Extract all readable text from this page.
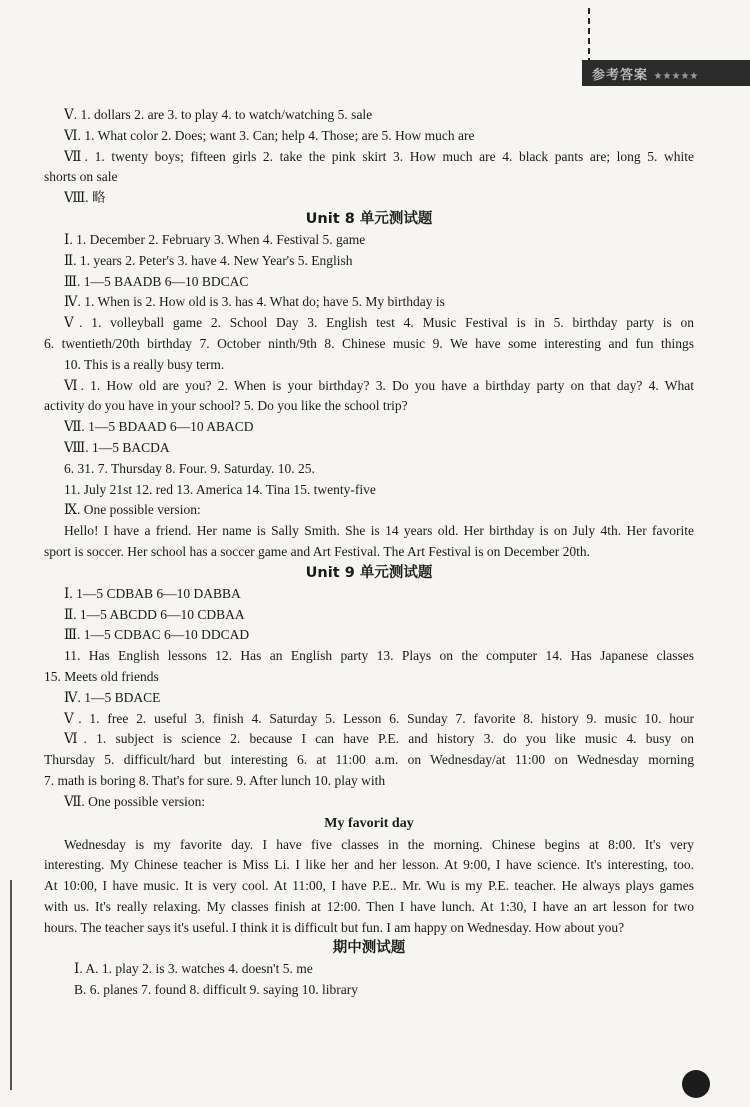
参考答案 ★★★★★
Ⅴ. 1. dollars 2. are 3. to play 4. to watch/watching 5. sale
Ⅵ. 1. What color 2. Does; want 3. Can; help 4. Those; are 5. How much are
Ⅶ. 1. twenty boys; fifteen girls 2. take the pink skirt 3. How much are 4. black pants are; long 5. white
shorts on sale
Ⅷ. 略
Unit 8 单元测试题
Ⅰ. 1. December 2. February 3. When 4. Festival 5. game
Ⅱ. 1. years 2. Peter's 3. have 4. New Year's 5. English
Ⅲ. 1—5 BAADB 6—10 BDCAC
Ⅳ. 1. When is 2. How old is 3. has 4. What do; have 5. My birthday is
Ⅴ. 1. volleyball game 2. School Day 3. English test 4. Music Festival is in 5. birthday party is on
6. twentieth/20th birthday 7. October ninth/9th 8. Chinese music 9. We have some interesting and fun things
10. This is a really busy term.
Ⅵ. 1. How old are you? 2. When is your birthday? 3. Do you have a birthday party on that day? 4. What
activity do you have in your school? 5. Do you like the school trip?
Ⅶ. 1—5 BDAAD 6—10 ABACD
Ⅷ. 1—5 BACDA
6. 31. 7. Thursday 8. Four. 9. Saturday. 10. 25.
11. July 21st 12. red 13. America 14. Tina 15. twenty-five
Ⅸ. One possible version:
Hello! I have a friend. Her name is Sally Smith. She is 14 years old. Her birthday is on July 4th. Her favorite
sport is soccer. Her school has a soccer game and Art Festival. The Art Festival is on December 20th.
Unit 9 单元测试题
Ⅰ. 1—5 CDBAB 6—10 DABBA
Ⅱ. 1—5 ABCDD 6—10 CDBAA
Ⅲ. 1—5 CDBAC 6—10 DDCAD
11. Has English lessons 12. Has an English party 13. Plays on the computer 14. Has Japanese classes
15. Meets old friends
Ⅳ. 1—5 BDACE
Ⅴ. 1. free 2. useful 3. finish 4. Saturday 5. Lesson 6. Sunday 7. favorite 8. history 9. music 10. hour
Ⅵ. 1. subject is science 2. because I can have P.E. and history 3. do you like music 4. busy on
Thursday 5. difficult/hard but interesting 6. at 11:00 a.m. on Wednesday/at 11:00 on Wednesday morning
7. math is boring 8. That's for sure. 9. After lunch 10. play with
Ⅶ. One possible version:
My favorit day
Wednesday is my favorite day. I have five classes in the morning. Chinese begins at 8:00. It's very
interesting. My Chinese teacher is Miss Li. I like her and her lesson. At 9:00, I have science. It's interesting, too.
At 10:00, I have music. It is very cool. At 11:00, I have P.E.. Mr. Wu is my P.E. teacher. He always plays games
with us. It's really relaxing. My classes finish at 12:00. Then I have lunch. At 1:30, I have an art lesson for two
hours. The teacher says it's useful. I think it is difficult but fun. I am happy on Wednesday. How about you?
期中测试题
Ⅰ. A. 1. play 2. is 3. watches 4. doesn't 5. me
B. 6. planes 7. found 8. difficult 9. saying 10. library
